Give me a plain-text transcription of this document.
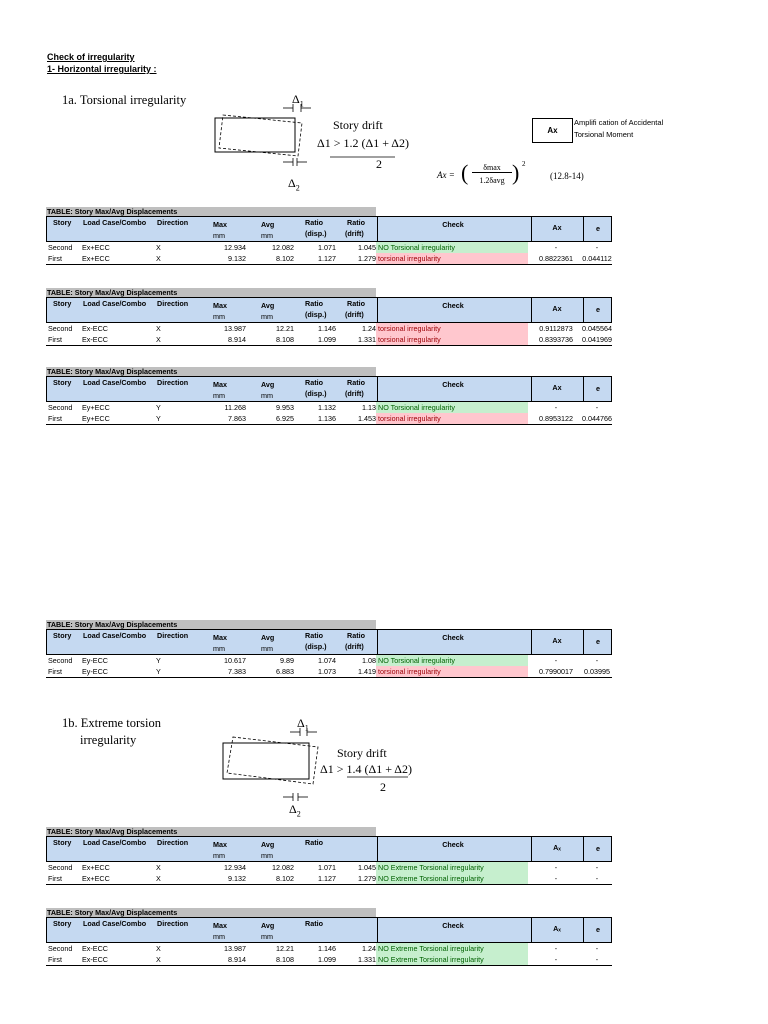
Check of irregularity
1- Horizontal irregularity :
1a. Torsional irregularity	$\Delta_1$
$\Delta_2$
Story drift
Δ1 > 1.2 (Δ1 + Δ2)
2
Ax = (	δmax
1.2δavg ) 2
(12.8-14)
Ax
Amplifi cation of Accidental
Torsional Moment
1b. Extreme torsion
irregularity
$\Delta_1$
$\Delta_2$
Story drift
Δ1 > 1.4 (Δ1 + Δ2)
2
TABLE: Story Max/Avg Displacements
Story Load Case/Combo Direction	Max
mm
Avg
mm
Ratio
(disp.)
Ratio
(drift)
Check	Ax	e
Second Ex+ECC	X	12.934	12.082	1.071	1.045 NO Torsional irregularity	-	-
First	Ex+ECC	X	9.132	8.102	1.127	1.279 torsional irregularity	0.8822361	0.044112
TABLE: Story Max/Avg Displacements
Story Load Case/Combo Direction	Max
mm
Avg
mm
Ratio
(disp.)
Ratio
(drift)
Check	Ax	e
Second Ex-ECC	X	13.987	12.21	1.146	1.24 torsional irregularity	0.9112873	0.045564
First	Ex-ECC	X	8.914	8.108	1.099	1.331 torsional irregularity	0.8393736	0.041969
TABLE: Story Max/Avg Displacements
Story Load Case/Combo Direction	Max
mm
Avg
mm
Ratio
(disp.)
Ratio
(drift)
Check	Ax	e
Second Ey+ECC	Y	11.268	9.953	1.132	1.13 NO Torsional irregularity	-	-
First	Ey+ECC	Y	7.863	6.925	1.136	1.453 torsional irregularity	0.8953122	0.044766
TABLE: Story Max/Avg Displacements
Story Load Case/Combo Direction	Max
mm
Avg
mm
Ratio
(disp.)
Ratio
(drift)
Check	Ax	e
Second Ey-ECC	Y	10.617	9.89	1.074	1.08 NO Torsional irregularity	-	-
First	Ey-ECC	Y	7.383	6.883	1.073	1.419 torsional irregularity	0.7990017	0.03995
TABLE: Story Max/Avg Displacements
Story Load Case/Combo Direction	Max
mm
Avg
mm
Ratio	Check	Aₓ	e
Second Ex+ECC	X	12.934	12.082	1.071	1.045 NO Extreme Torsional irregularity	-	-
First	Ex+ECC	X	9.132	8.102	1.127	1.279 NO Extreme Torsional irregularity	-	-
TABLE: Story Max/Avg Displacements
Story Load Case/Combo Direction	Max
mm
Avg
mm
Ratio	Check	Aₓ	e
Second Ex-ECC	X	13.987	12.21	1.146	1.24 NO Extreme Torsional irregularity	-	-
First	Ex-ECC	X	8.914	8.108	1.099	1.331 NO Extreme Torsional irregularity	-	-
